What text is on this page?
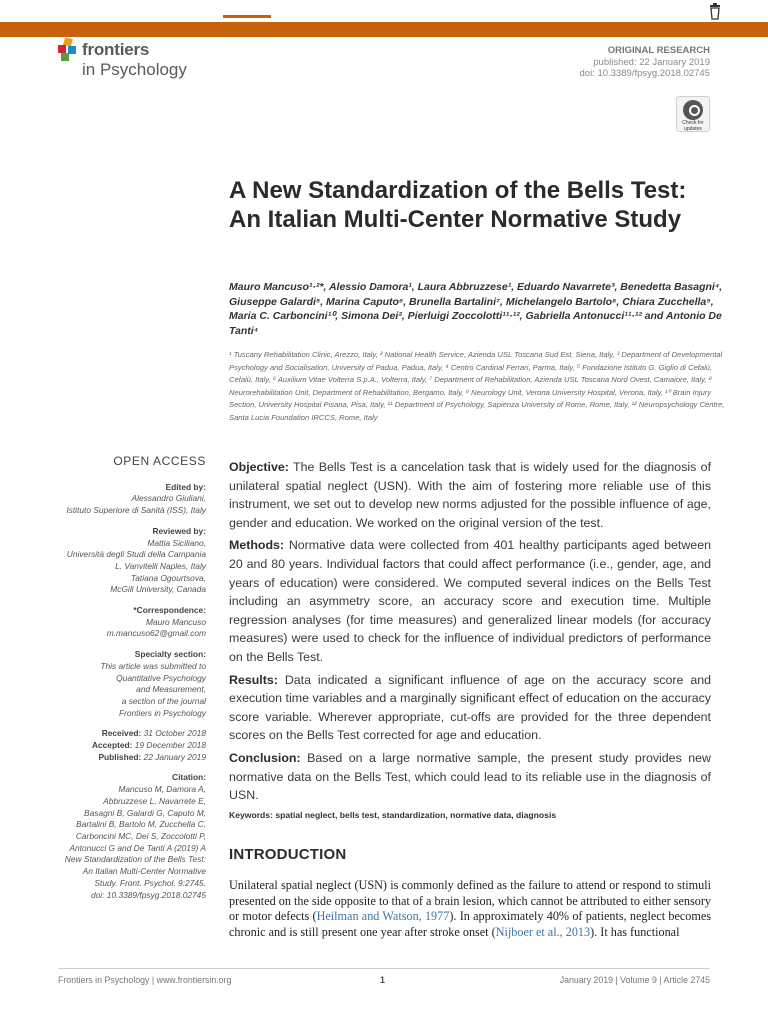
frontiers
in Psychology
ORIGINAL RESEARCH
published: 22 January 2019
doi: 10.3389/fpsyg.2018.02745
Check for
updates
A New Standardization of the Bells Test: An Italian Multi-Center Normative Study
Mauro Mancuso¹·²*, Alessio Damora¹, Laura Abbruzzese¹, Eduardo Navarrete³, Benedetta Basagni⁴, Giuseppe Galardi⁵, Marina Caputo⁶, Brunella Bartalini⁷, Michelangelo Bartolo⁸, Chiara Zucchella⁹, Maria C. Carboncini¹⁰, Simona Dei², Pierluigi Zoccolotti¹¹·¹², Gabriella Antonucci¹¹·¹² and Antonio De Tanti⁴
¹ Tuscany Rehabilitation Clinic, Arezzo, Italy, ² National Health Service, Azienda USL Toscana Sud Est, Siena, Italy, ³ Department of Developmental Psychology and Socialisation, University of Padua, Padua, Italy, ⁴ Centro Cardinal Ferrari, Parma, Italy, ⁵ Fondazione Istituto G. Giglio di Cefalù, Cefalù, Italy, ⁶ Auxilium Vitae Volterra S.p.A., Volterra, Italy, ⁷ Department of Rehabilitation, Azienda USL Toscana Nord Ovest, Camaiore, Italy, ⁸ Neurorehabilitation Unit, Department of Rehabilitation, Bergamo, Italy, ⁹ Neurology Unit, Verona University Hospital, Verona, Italy, ¹⁰ Brain Injury Section, University Hospital Pisana, Pisa, Italy, ¹¹ Department of Psychology, Sapienza University of Rome, Rome, Italy, ¹² Neuropsychology Centre, Santa Lucia Foundation IRCCS, Rome, Italy
OPEN ACCESS
Edited by:
Alessandro Giuliani,
Istituto Superiore di Sanità (ISS), Italy
Reviewed by:
Mattia Siciliano,
Università degli Studi della Campania
L. Vanvitelli Naples, Italy
Tatiana Ogourtsova,
McGill University, Canada
*Correspondence:
Mauro Mancuso
m.mancuso62@gmail.com
Specialty section:
This article was submitted to
Quantitative Psychology
and Measurement,
a section of the journal
Frontiers in Psychology
Received: 31 October 2018
Accepted: 19 December 2018
Published: 22 January 2019
Citation:
Mancuso M, Damora A,
Abbruzzese L, Navarrete E,
Basagni B, Galardi G, Caputo M,
Bartalini B, Bartolo M, Zucchella C,
Carboncini MC, Dei S, Zoccolotti P,
Antonucci G and De Tanti A (2019) A
New Standardization of the Bells Test:
An Italian Multi-Center Normative
Study. Front. Psychol. 9:2745.
doi: 10.3389/fpsyg.2018.02745

Objective: The Bells Test is a cancelation task that is widely used for the diagnosis of unilateral spatial neglect (USN). With the aim of fostering more reliable use of this instrument, we set out to develop new norms adjusted for the possible influence of age, gender and education. We worked on the original version of the test.

Methods: Normative data were collected from 401 healthy participants aged between 20 and 80 years. Individual factors that could affect performance (i.e., gender, age, and years of education) were considered. We computed several indices on the Bells Test including an asymmetry score, an accuracy score and execution time. Multiple regression analyses (for time measures) and generalized linear models (for accuracy measures) were used to check for the influence of individual predictors of performance on the Bells Test.

Results: Data indicated a significant influence of age on the accuracy score and execution time variables and a marginally significant effect of education on the accuracy score variable. Wherever appropriate, cut-offs are provided for the three dependent scores on the Bells Test corrected for age and education.

Conclusion: Based on a large normative sample, the present study provides new normative data on the Bells Test, which could lead to its reliable use in the diagnosis of USN.

Keywords: spatial neglect, bells test, standardization, normative data, diagnosis
INTRODUCTION
Unilateral spatial neglect (USN) is commonly defined as the failure to attend or respond to stimuli presented on the side opposite to that of a brain lesion, which cannot be attributed to either sensory or motor defects (Heilman and Watson, 1977). In approximately 40% of patients, neglect becomes chronic and is still present one year after stroke onset (Nijboer et al., 2013). It has functional
Frontiers in Psychology | www.frontiersin.org	1	January 2019 | Volume 9 | Article 2745
